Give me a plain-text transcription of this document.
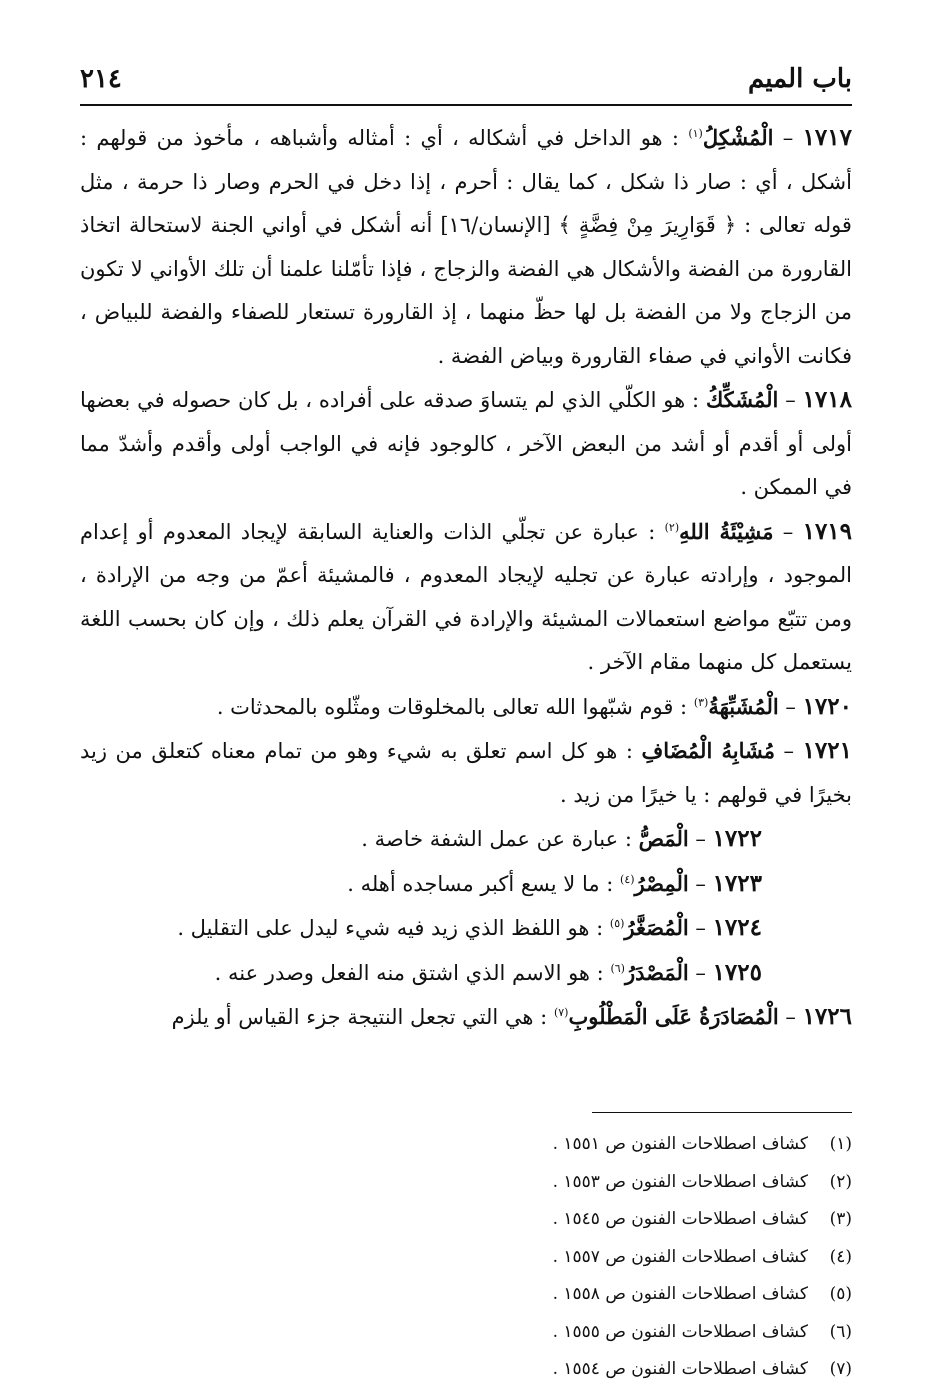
باب الميم
٢١٤

١٧١٧ – الْمُشْكِلُ$^{(١)}$ : هو الداخل في أشكاله ، أي : أمثاله وأشباهه ، مأخوذ من قولهم : أشكل ، أي : صار ذا شكل ، كما يقال : أحرم ، إذا دخل في الحرم وصار ذا حرمة ، مثل قوله تعالى : ﴿ قَوَارِيرَ مِنْ فِضَّةٍ ﴾ [الإنسان/١٦] أنه أشكل في أواني الجنة لاستحالة اتخاذ القارورة من الفضة والأشكال هي الفضة والزجاج ، فإذا تأمّلنا علمنا أن تلك الأواني لا تكون من الزجاج ولا من الفضة بل لها حظّ منهما ، إذ القارورة تستعار للصفاء والفضة للبياض ، فكانت الأواني في صفاء القارورة وبياض الفضة .

١٧١٨ – الْمُشَكِّكُ : هو الكلّي الذي لم يتساوَ صدقه على أفراده ، بل كان حصوله في بعضها أولى أو أقدم أو أشد من البعض الآخر ، كالوجود فإنه في الواجب أولى وأقدم وأشدّ مما في الممكن .

١٧١٩ – مَشِيْئَةُ اللهِ$^{(٢)}$ : عبارة عن تجلّي الذات والعناية السابقة لإيجاد المعدوم أو إعدام الموجود ، وإرادته عبارة عن تجليه لإيجاد المعدوم ، فالمشيئة أعمّ من وجه من الإرادة ، ومن تتبّع مواضع استعمالات المشيئة والإرادة في القرآن يعلم ذلك ، وإن كان بحسب اللغة يستعمل كل منهما مقام الآخر .

١٧٢٠ – الْمُشَبِّهَةُ$^{(٣)}$ : قوم شبّهوا الله تعالى بالمخلوقات ومثّلوه بالمحدثات .

١٧٢١ – مُشَابِهُ الْمُضَافِ : هو كل اسم تعلق به شيء وهو من تمام معناه كتعلق من زيد بخيرًا في قولهم : يا خيرًا من زيد .

١٧٢٢ – الْمَصُّ : عبارة عن عمل الشفة خاصة .

١٧٢٣ – الْمِصْرُ$^{(٤)}$ : ما لا يسع أكبر مساجده أهله .

١٧٢٤ – الْمُصَغَّرُ$^{(٥)}$ : هو اللفظ الذي زيد فيه شيء ليدل على التقليل .

١٧٢٥ – الْمَصْدَرُ$^{(٦)}$ : هو الاسم الذي اشتق منه الفعل وصدر عنه .

١٧٢٦ – الْمُصَادَرَةُ عَلَى الْمَطْلُوبِ$^{(٧)}$ : هي التي تجعل النتيجة جزء القياس أو يلزم

(١)
كشاف اصطلاحات الفنون ص ١٥٥١ .
(٢)
كشاف اصطلاحات الفنون ص ١٥٥٣ .
(٣)
كشاف اصطلاحات الفنون ص ١٥٤٥ .
(٤)
كشاف اصطلاحات الفنون ص ١٥٥٧ .
(٥)
كشاف اصطلاحات الفنون ص ١٥٥٨ .
(٦)
كشاف اصطلاحات الفنون ص ١٥٥٥ .
(٧)
كشاف اصطلاحات الفنون ص ١٥٥٤ .
